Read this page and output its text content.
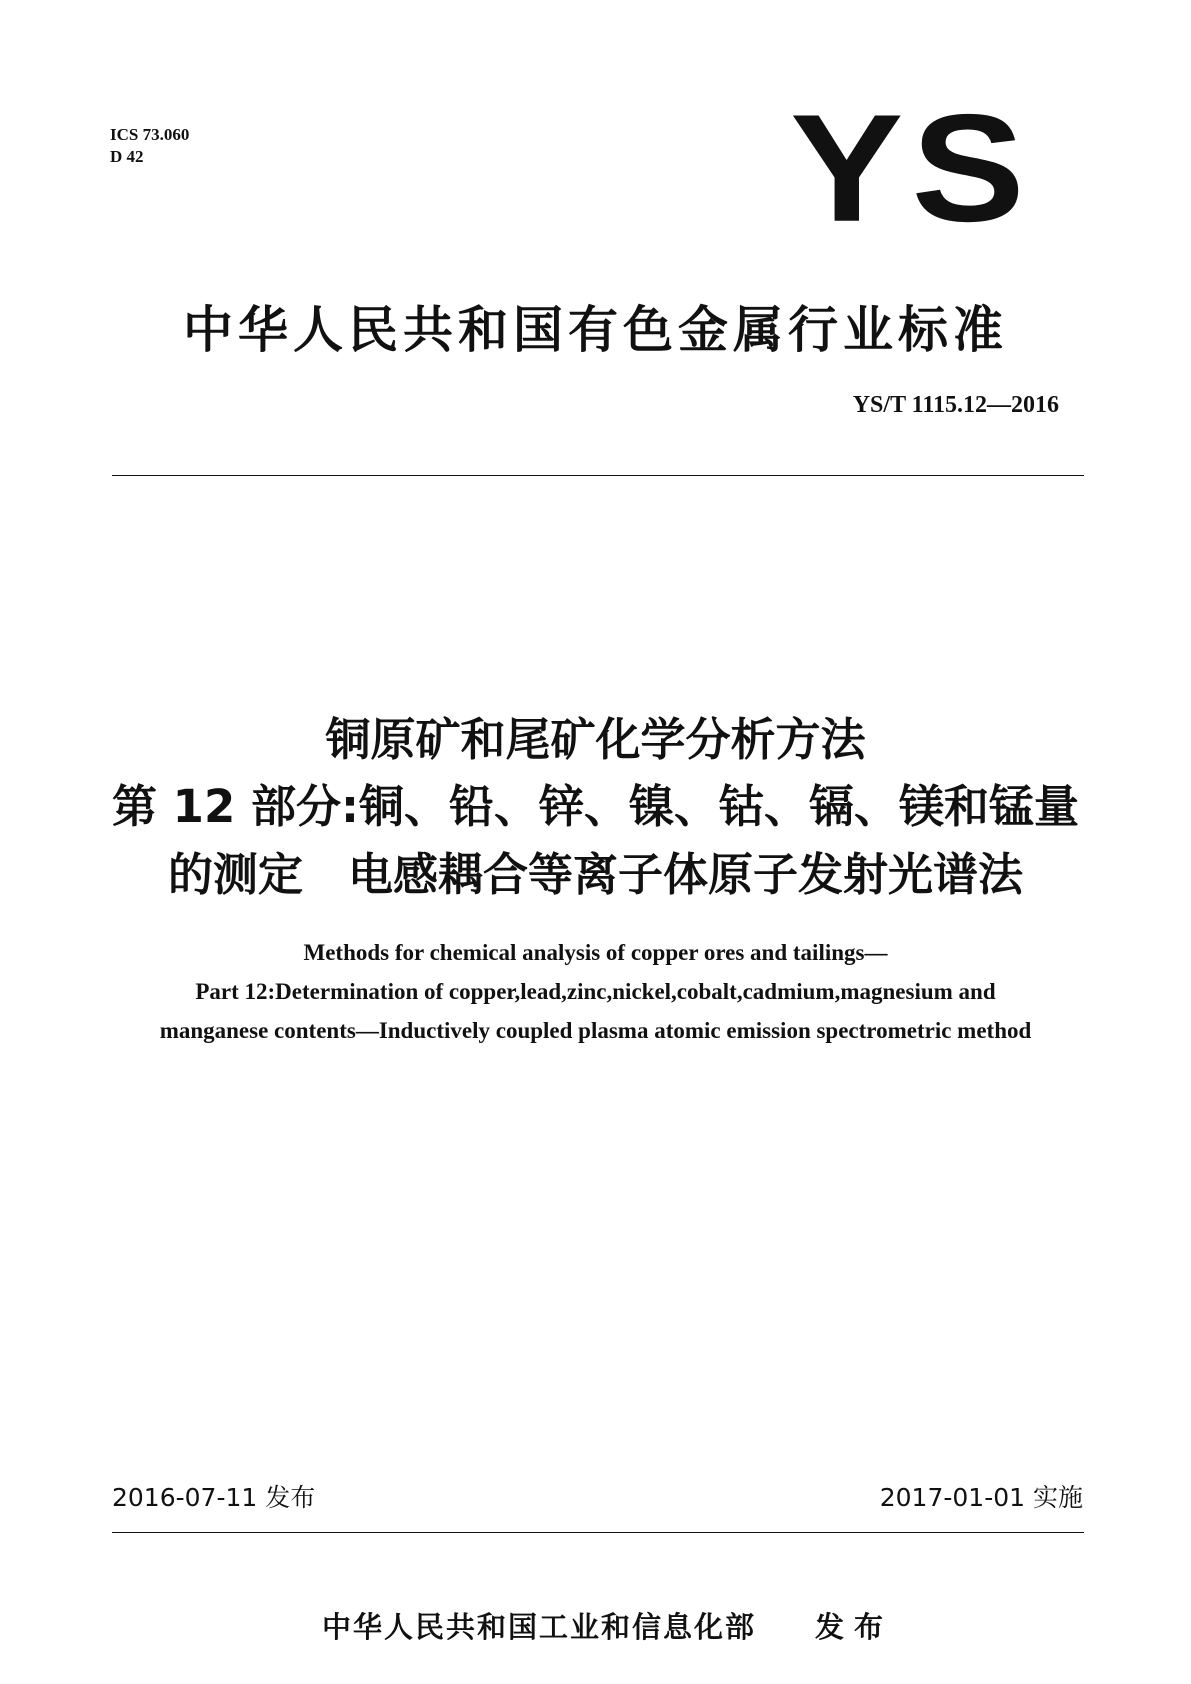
ICS 73.060
D 42	YS
中华人民共和国有色金属行业标准
YS/T 1115.12—2016
铜原矿和尾矿化学分析方法
第 12 部分:铜、铅、锌、镍、钴、镉、镁和锰量
的测定　电感耦合等离子体原子发射光谱法
Methods for chemical analysis of copper ores and tailings—
Part 12:Determination of copper,lead,zinc,nickel,cobalt,cadmium,magnesium and
manganese contents—Inductively coupled plasma atomic emission spectrometric method
2016-07-11 发布	2017-01-01 实施
中华人民共和国工业和信息化部 发布
